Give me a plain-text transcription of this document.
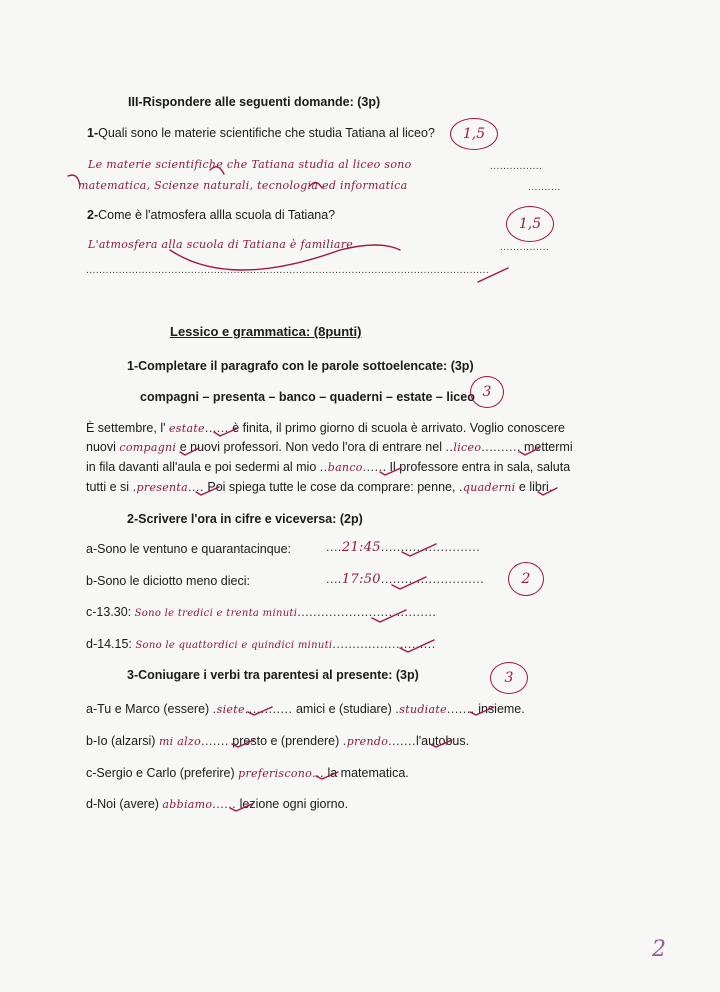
III-Rispondere alle seguenti domande: (3p)
1-Quali sono le materie scientifiche che studia Tatiana al liceo?	1,5
Le materie scientifiche che Tatiana studia al liceo sono	................
matematica, Scienze naturali, tecnologia ed informatica	..........
2-Come è l'atmosfera allla scuola di Tatiana?
1,5
L'atmosfera alla scuola di Tatiana è familiare	...............
...........................................................................................................................
Lessico e grammatica: (8punti)
1-Completare il paragrafo con le parole sottoelencate: (3p)
compagni – presenta – banco – quaderni – estate – liceo 3
È settembre, l' estate...... è finita, il primo giorno di scuola è arrivato. Voglio conoscere
nuovi compagni e nuovi professori. Non vedo l'ora di entrare nel ..liceo........., mettermi
in fila davanti all'aula e poi sedermi al mio ..banco...... Il professore entra in sala, saluta
tutti e si .presenta.... Poi spiega tutte le cose da comprare: penne, .quaderni e libri.
2-Scrivere l'ora in cifre e viceversa: (2p)
2
a-Sono le ventuno e quarantacinque:	....21:45.........................
b-Sono le diciotto meno dieci:	....17:50..........................
c-13.30: Sono le tredici e trenta minuti...................................
d-14.15: Sono le quattordici e quindici minuti..........................
3-Coniugare i verbi tra parentesi al presente: (3p)	3
a-Tu e Marco (essere) .siete............ amici e (studiare) .studiate....... insieme.
b-Io (alzarsi) mi alzo....... presto e (prendere) .prendo.......l'autobus.
c-Sergio e Carlo (preferire) preferiscono... la matematica.
d-Noi (avere) abbiamo...... lezione ogni giorno.
2
